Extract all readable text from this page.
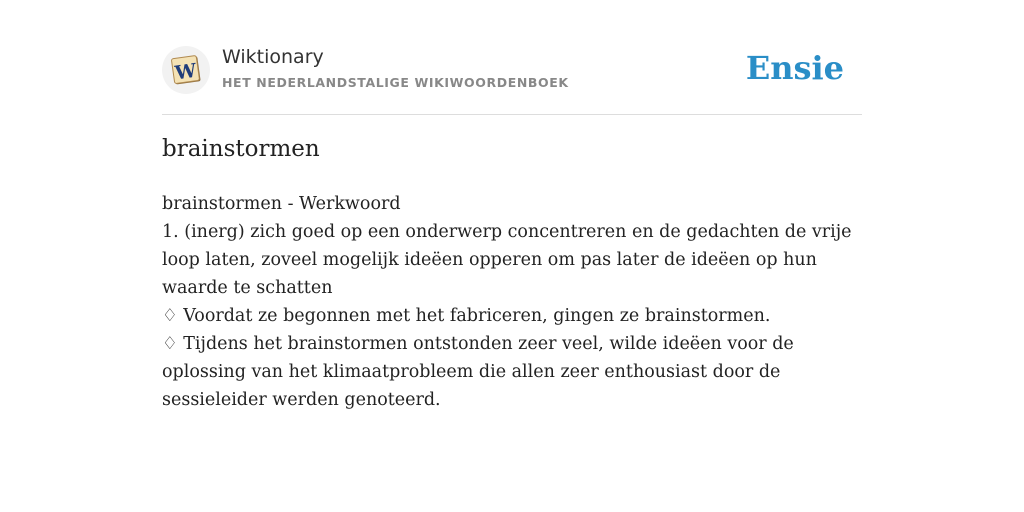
W
Wiktionary
HET NEDERLANDSTALIGE WIKIWOORDENBOEK	Ensie
brainstormen
brainstormen - Werkwoord
1. (inerg) zich goed op een onderwerp concentreren en de gedachten de vrije loop laten, zoveel mogelijk ideëen opperen om pas later de ideëen op hun waarde te schatten
♢ Voordat ze begonnen met het fabriceren, gingen ze brainstormen.
♢ Tijdens het brainstormen ontstonden zeer veel, wilde ideëen voor de oplossing van het klimaatprobleem die allen zeer enthousiast door de sessieleider werden genoteerd.
